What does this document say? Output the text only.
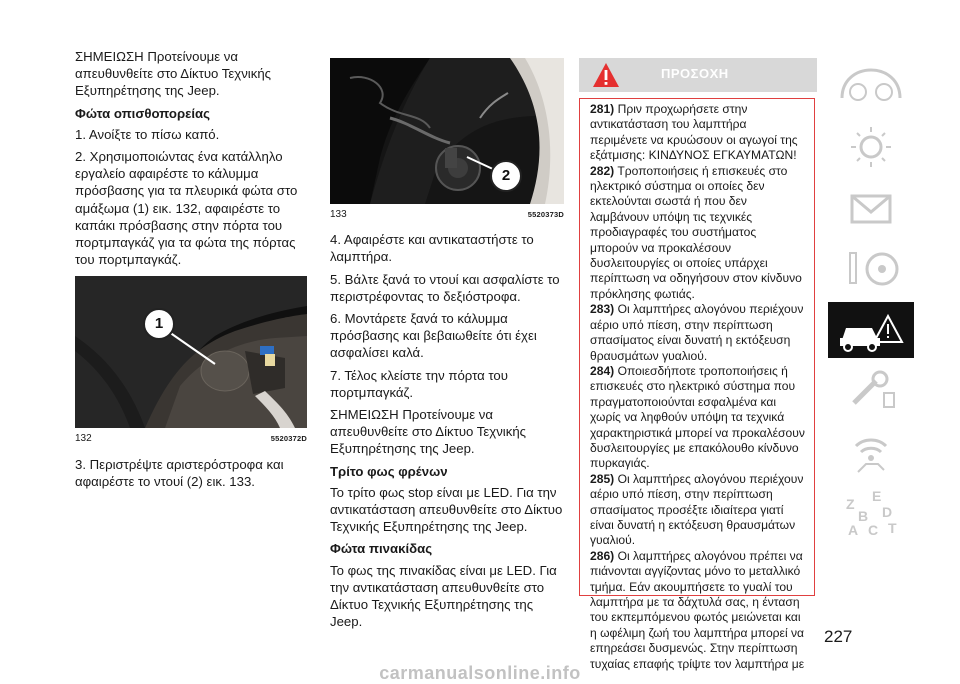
ΣΗΜΕΙΩΣΗ Προτείνουμε να απευθυνθείτε στο Δίκτυο Τεχνικής Εξυπηρέτησης της Jeep.

Φώτα οπισθοπορείας

1. Ανοίξτε το πίσω καπό.

2. Χρησιμοποιώντας ένα κατάλληλο εργαλείο αφαιρέστε το κάλυμμα πρόσβασης για τα πλευρικά φώτα στο αμάξωμα (1) εικ. 132, αφαιρέστε το καπάκι πρόσβασης στην πόρτα του πορτμπαγκάζ για τα φώτα της πόρτας του πορτμπαγκάζ.

1
132	5520372D

3. Περιστρέψτε αριστερόστροφα και αφαιρέστε το ντουί (2) εικ. 133.

2
133	5520373D

4. Αφαιρέστε και αντικαταστήστε το λαμπτήρα.

5. Βάλτε ξανά το ντουί και ασφαλίστε το περιστρέφοντας το δεξιόστροφα.

6. Μοντάρετε ξανά το κάλυμμα πρόσβασης και βεβαιωθείτε ότι έχει ασφαλίσει καλά.

7. Τέλος κλείστε την πόρτα του πορτμπαγκάζ.

ΣΗΜΕΙΩΣΗ Προτείνουμε να απευθυνθείτε στο Δίκτυο Τεχνικής Εξυπηρέτησης της Jeep.

Τρίτο φως φρένων

Το τρίτο φως stop είναι με LED. Για την αντικατάσταση απευθυνθείτε στο Δίκτυο Τεχνικής Εξυπηρέτησης της Jeep.

Φώτα πινακίδας

Το φως της πινακίδας είναι με LED. Για την αντικατάσταση απευθυνθείτε στο Δίκτυο Τεχνικής Εξυπηρέτησης της Jeep.

ΠΡΟΣΟΧΗ

281) Πριν προχωρήσετε στην αντικατάσταση του λαμπτήρα περιμένετε να κρυώσουν οι αγωγοί της εξάτμισης: ΚΙΝΔΥΝΟΣ ΕΓΚΑΥΜΑΤΩΝ!

282) Τροποποιήσεις ή επισκευές στο ηλεκτρικό σύστημα οι οποίες δεν εκτελούνται σωστά ή που δεν λαμβάνουν υπόψη τις τεχνικές προδιαγραφές του συστήματος μπορούν να προκαλέσουν δυσλειτουργίες οι οποίες υπάρχει περίπτωση να οδηγήσουν στον κίνδυνο πρόκλησης φωτιάς.

283) Οι λαμπτήρες αλογόνου περιέχουν αέριο υπό πίεση, στην περίπτωση σπασίματος είναι δυνατή η εκτόξευση θραυσμάτων γυαλιού.

284) Οποιεσδήποτε τροποποιήσεις ή επισκευές στο ηλεκτρικό σύστημα που πραγματοποιούνται εσφαλμένα και χωρίς να ληφθούν υπόψη τα τεχνικά χαρακτηριστικά μπορεί να προκαλέσουν δυσλειτουργίες με επακόλουθο κίνδυνο πυρκαγιάς.

285) Οι λαμπτήρες αλογόνου περιέχουν αέριο υπό πίεση, στην περίπτωση σπασίματος προσέξτε ιδιαίτερα γιατί είναι δυνατή η εκτόξευση θραυσμάτων γυαλιού.

286) Οι λαμπτήρες αλογόνου πρέπει να πιάνονται αγγίζοντας μόνο το μεταλλικό τμήμα. Εάν ακουμπήσετε το γυαλί του λαμπτήρα με τα δάχτυλά σας, η ένταση του εκπεμπόμενου φωτός μειώνεται και η ωφέλιμη ζωή του λαμπτήρα μπορεί να επηρεάσει δυσμενώς. Στην περίπτωση τυχαίας επαφής τρίψτε τον λαμπτήρα με

Z E
B D
A C T
227
carmanualsonline.info
